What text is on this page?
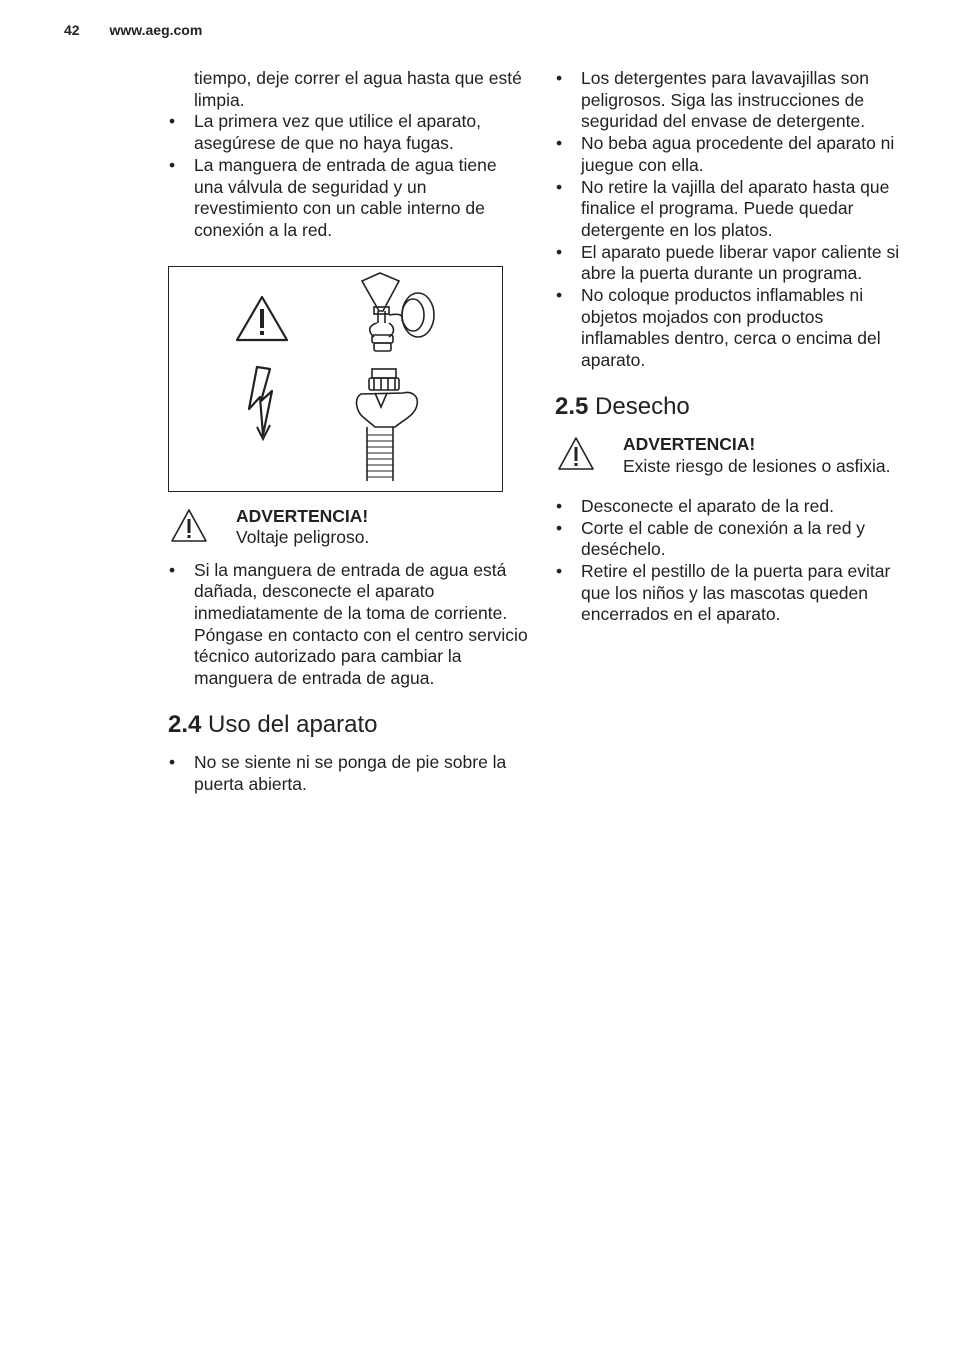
42 www.aeg.com

tiempo, deje correr el agua hasta que esté limpia.

• La primera vez que utilice el aparato, asegúrese de que no haya fugas.
• La manguera de entrada de agua tiene una válvula de seguridad y un revestimiento con un cable interno de conexión a la red.
ADVERTENCIA!
Voltaje peligroso.
• Si la manguera de entrada de agua está dañada, desconecte el aparato inmediatamente de la toma de corriente. Póngase en contacto con el centro servicio técnico autorizado para cambiar la manguera de entrada de agua.
2.4 Uso del aparato
• No se siente ni se ponga de pie sobre la puerta abierta.
• Los detergentes para lavavajillas son peligrosos. Siga las instrucciones de seguridad del envase de detergente.
• No beba agua procedente del aparato ni juegue con ella.
• No retire la vajilla del aparato hasta que finalice el programa. Puede quedar detergente en los platos.
• El aparato puede liberar vapor caliente si abre la puerta durante un programa.
• No coloque productos inflamables ni objetos mojados con productos inflamables dentro, cerca o encima del aparato.
2.5 Desecho
ADVERTENCIA!
Existe riesgo de lesiones o asfixia.
• Desconecte el aparato de la red.
• Corte el cable de conexión a la red y deséchelo.
• Retire el pestillo de la puerta para evitar que los niños y las mascotas queden encerrados en el aparato.
